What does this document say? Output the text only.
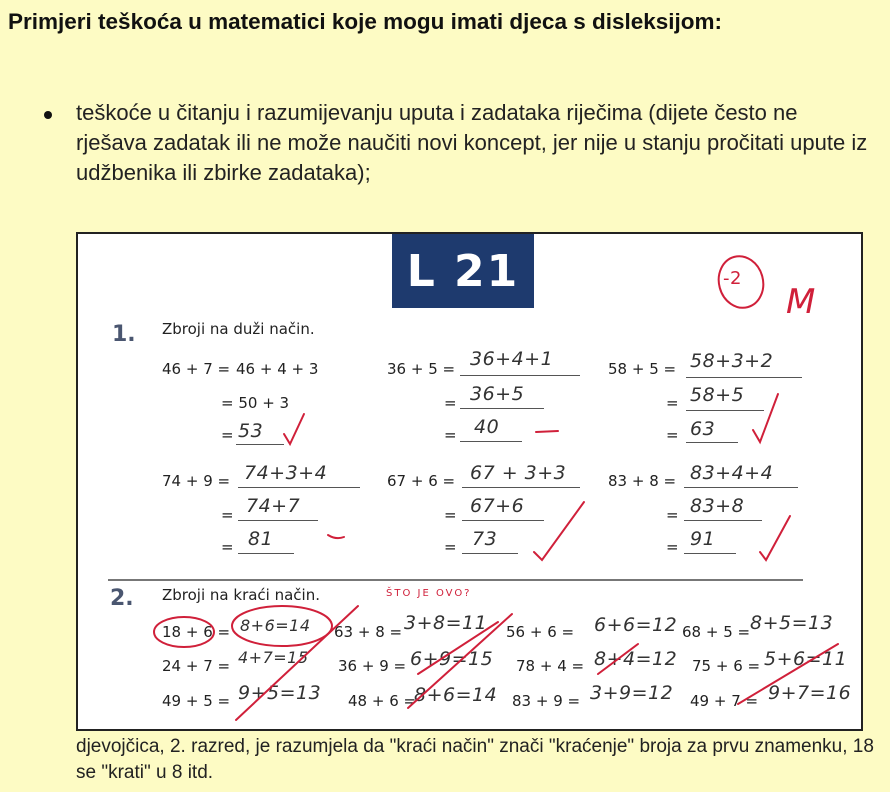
Primjeri teškoća u matematici koje mogu imati djeca s disleksijom:
teškoće u čitanju i razumijevanju uputa i zadataka riječima (dijete često ne rješava zadatak ili ne može naučiti novi koncept, jer nije u stanju pročitati upute iz udžbenika ili zbirke zadataka);
L 21
1. Zbroji na duži način.
46 + 7 = 46 + 4 + 3
= 50 + 3
= 53
36 + 5 = 36+4+1
= 36+5
= 40
58 + 5 = 58+3+2
= 58+5
= 63
74 + 9 = 74+3+4
= 74+7
= 81
67 + 6 = 67 + 3+3
= 67+6
= 73
83 + 8 = 83+4+4
= 83+8
= 91
2. Zbroji na kraći način.	ŠTO JE OVO?
18 + 6 = 8+6=14 63 + 8 = 3+8=11 56 + 6 = 6+6=12 68 + 5 = 8+5=13
24 + 7 = 4+7=15 36 + 9 = 6+9=15 78 + 4 = 8+4=12 75 + 6 = 5+6=11
49 + 5 = 9+5=13 48 + 6 =
8+6=14 83 + 9 = 3+9=12 49 + 7 = 9+7=16
-2
M
djevojčica, 2. razred, je razumjela da "kraći način" znači "kraćenje" broja za prvu znamenku, 18 se "krati" u 8 itd.
